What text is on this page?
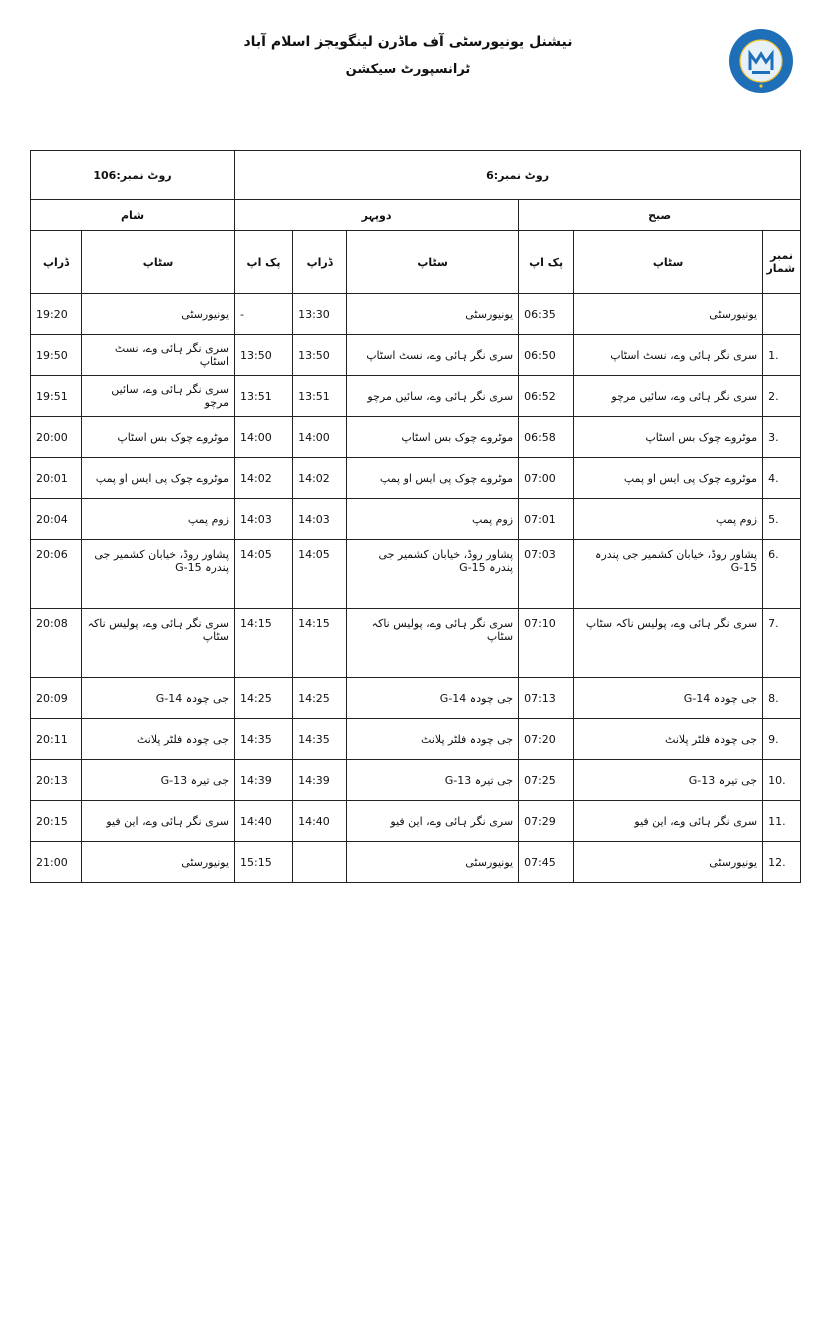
نیشنل یونیورسٹی آف ماڈرن لینگویجز اسلام آباد
ٹرانسپورٹ سیکشن
روٹ نمبر:6						روٹ نمبر:106	
صبح			دوپہر			شام	
نمبر شمار	سٹاپ	پک اپ	سٹاپ	ڈراپ	پک اپ	سٹاپ	ڈراپ
	یونیورسٹی	06:35	یونیورسٹی	13:30	-	یونیورسٹی	19:20
1.	سری نگر ہائی وے، نسٹ اسٹاپ	06:50	سری نگر ہائی وے، نسٹ اسٹاپ	13:50	13:50	سری نگر ہائی وے، نسٹ اسٹاپ	19:50
2.	سری نگر ہائی وے، سائیں مرچو	06:52	سری نگر ہائی وے، سائیں مرچو	13:51	13:51	سری نگر ہائی وے، سائیں مرچو	19:51
3.	موٹروے چوک بس اسٹاپ	06:58	موٹروے چوک بس اسٹاپ	14:00	14:00	موٹروے چوک بس اسٹاپ	20:00
4.	موٹروے چوک پی ایس او پمپ	07:00	موٹروے چوک پی ایس او پمپ	14:02	14:02	موٹروے چوک پی ایس او پمپ	20:01
5.	زوم پمپ	07:01	زوم پمپ	14:03	14:03	زوم پمپ	20:04
6.	پشاور روڈ، خیابان کشمیر جی پندرہ G-15	07:03	پشاور روڈ، خیابان کشمیر جی پندرہ G-15	14:05	14:05	پشاور روڈ، خیابان کشمیر جی پندرہ G-15	20:06
7.	سری نگر ہائی وے، پولیس ناکہ سٹاپ	07:10	سری نگر ہائی وے، پولیس ناکہ سٹاپ	14:15	14:15	سری نگر ہائی وے، پولیس ناکہ سٹاپ	20:08
8.	جی چودہ G-14	07:13	جی چودہ G-14	14:25	14:25	جی چودہ G-14	20:09
9.	جی چودہ فلٹر پلانٹ	07:20	جی چودہ فلٹر پلانٹ	14:35	14:35	جی چودہ فلٹر پلانٹ	20:11
10.	جی تیرہ G-13	07:25	جی تیرہ G-13	14:39	14:39	جی تیرہ G-13	20:13
11.	سری نگر ہائی وے، این فیو	07:29	سری نگر ہائی وے، این فیو	14:40	14:40	سری نگر ہائی وے، این فیو	20:15
12.	یونیورسٹی	07:45	یونیورسٹی		15:15	یونیورسٹی	21:00
